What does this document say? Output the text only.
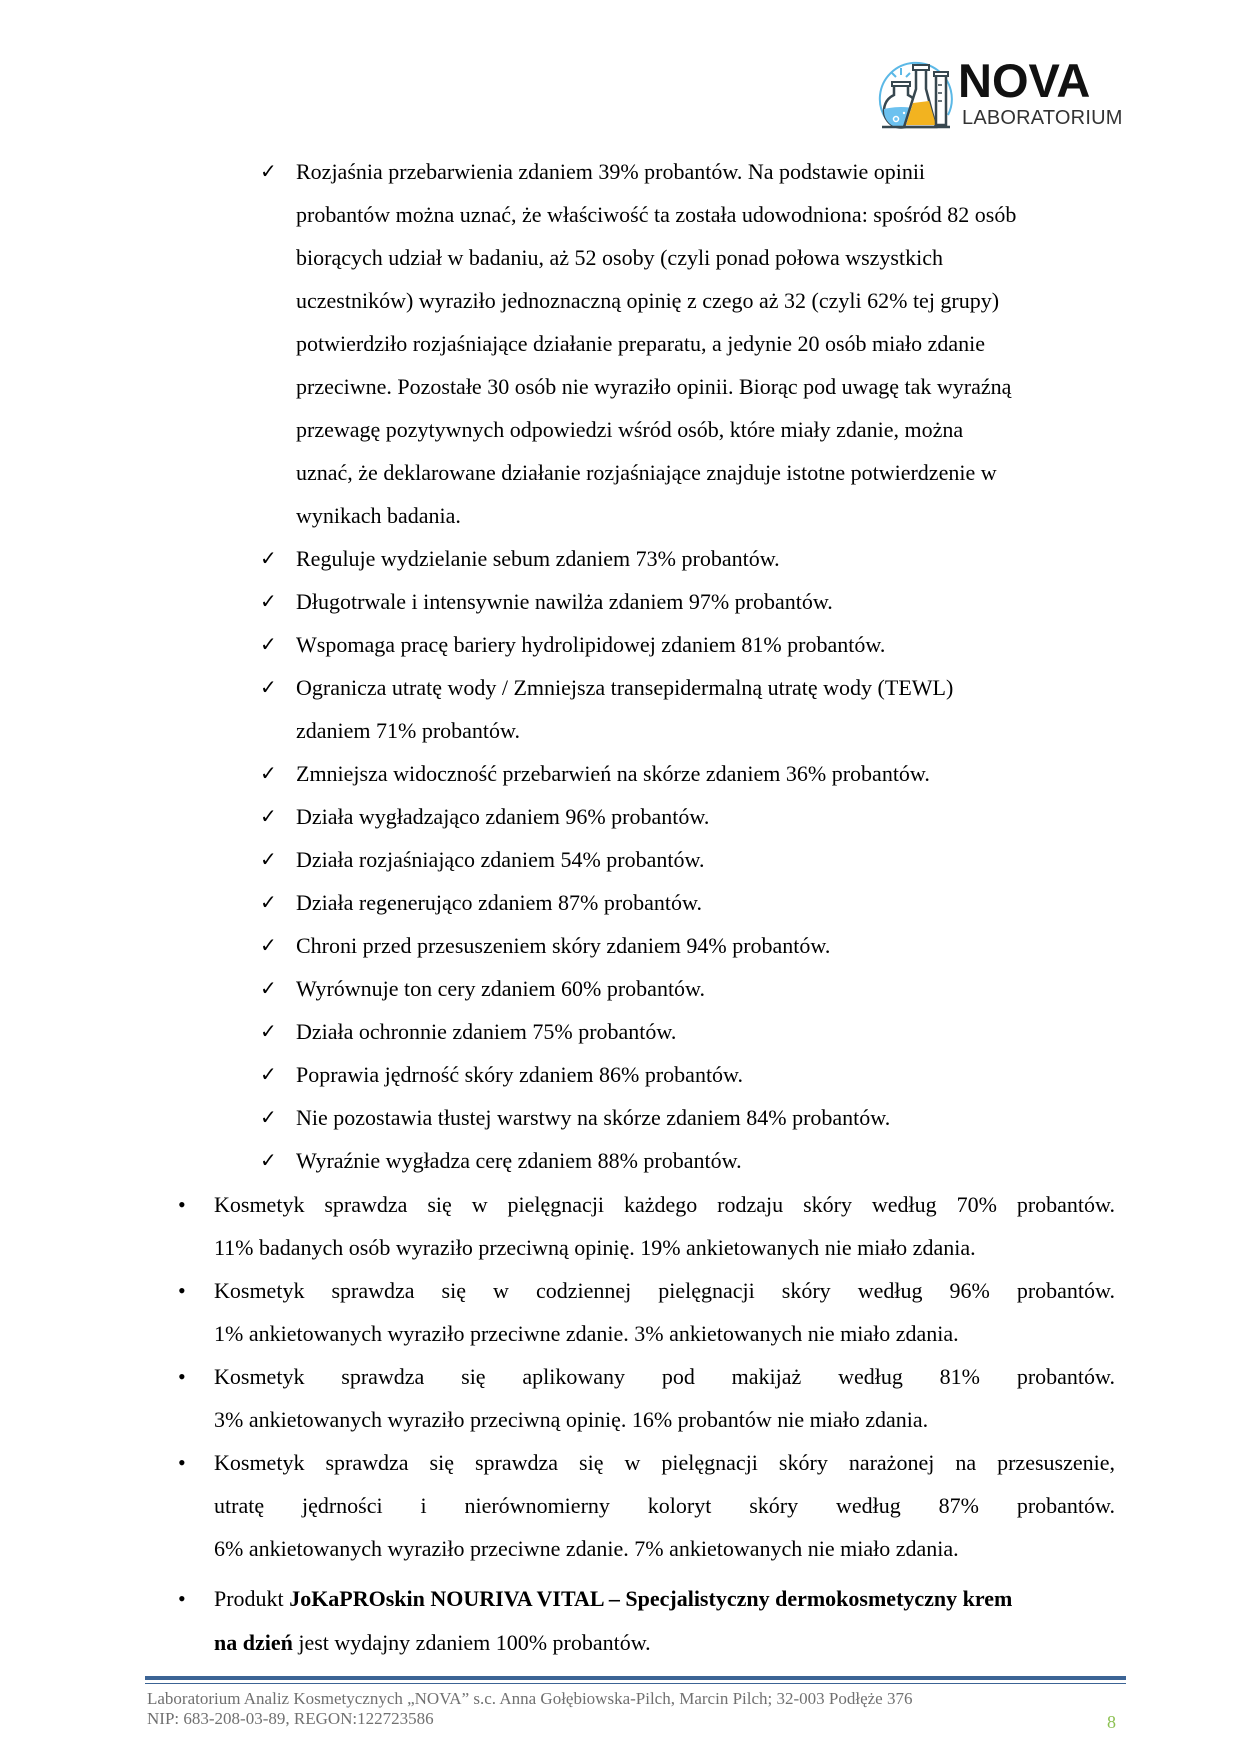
NOVA
LABORATORIUM
✓ Rozjaśnia przebarwienia zdaniem 39% probantów. Na podstawie opinii
probantów można uznać, że właściwość ta została udowodniona: spośród 82 osób
biorących udział w badaniu, aż 52 osoby (czyli ponad połowa wszystkich
uczestników) wyraziło jednoznaczną opinię z czego aż 32 (czyli 62% tej grupy)
potwierdziło rozjaśniające działanie preparatu, a jedynie 20 osób miało zdanie
przeciwne. Pozostałe 30 osób nie wyraziło opinii. Biorąc pod uwagę tak wyraźną
przewagę pozytywnych odpowiedzi wśród osób, które miały zdanie, można
uznać, że deklarowane działanie rozjaśniające znajduje istotne potwierdzenie w
wynikach badania.
✓ Reguluje wydzielanie sebum zdaniem 73% probantów.
✓ Długotrwale i intensywnie nawilża zdaniem 97% probantów.
✓ Wspomaga pracę bariery hydrolipidowej zdaniem 81% probantów.
✓ Ogranicza utratę wody / Zmniejsza transepidermalną utratę wody (TEWL)
zdaniem 71% probantów.
✓ Zmniejsza widoczność przebarwień na skórze zdaniem 36% probantów.
✓ Działa wygładzająco zdaniem 96% probantów.
✓ Działa rozjaśniająco zdaniem 54% probantów.
✓ Działa regenerująco zdaniem 87% probantów.
✓ Chroni przed przesuszeniem skóry zdaniem 94% probantów.
✓ Wyrównuje ton cery zdaniem 60% probantów.
✓ Działa ochronnie zdaniem 75% probantów.
✓ Poprawia jędrność skóry zdaniem 86% probantów.
✓ Nie pozostawia tłustej warstwy na skórze zdaniem 84% probantów.
✓ Wyraźnie wygładza cerę zdaniem 88% probantów.
• Kosmetyk sprawdza się w pielęgnacji każdego rodzaju skóry według 70% probantów.
11% badanych osób wyraziło przeciwną opinię. 19% ankietowanych nie miało zdania.
• Kosmetyk sprawdza się w codziennej pielęgnacji skóry według 96% probantów.
1% ankietowanych wyraziło przeciwne zdanie. 3% ankietowanych nie miało zdania.
• Kosmetyk sprawdza się aplikowany pod makijaż według 81% probantów.
3% ankietowanych wyraziło przeciwną opinię. 16% probantów nie miało zdania.
• Kosmetyk sprawdza się sprawdza się w pielęgnacji skóry narażonej na przesuszenie,
utratę jędrności i nierównomierny koloryt skóry według 87% probantów.
6% ankietowanych wyraziło przeciwne zdanie. 7% ankietowanych nie miało zdania.
• Produkt JoKaPROskin NOURIVA VITAL – Specjalistyczny dermokosmetyczny krem
na dzień jest wydajny zdaniem 100% probantów.
Laboratorium Analiz Kosmetycznych „NOVA” s.c. Anna Gołębiowska-Pilch, Marcin Pilch; 32-003 Podłęże 376
NIP: 683-208-03-89, REGON:122723586	8
